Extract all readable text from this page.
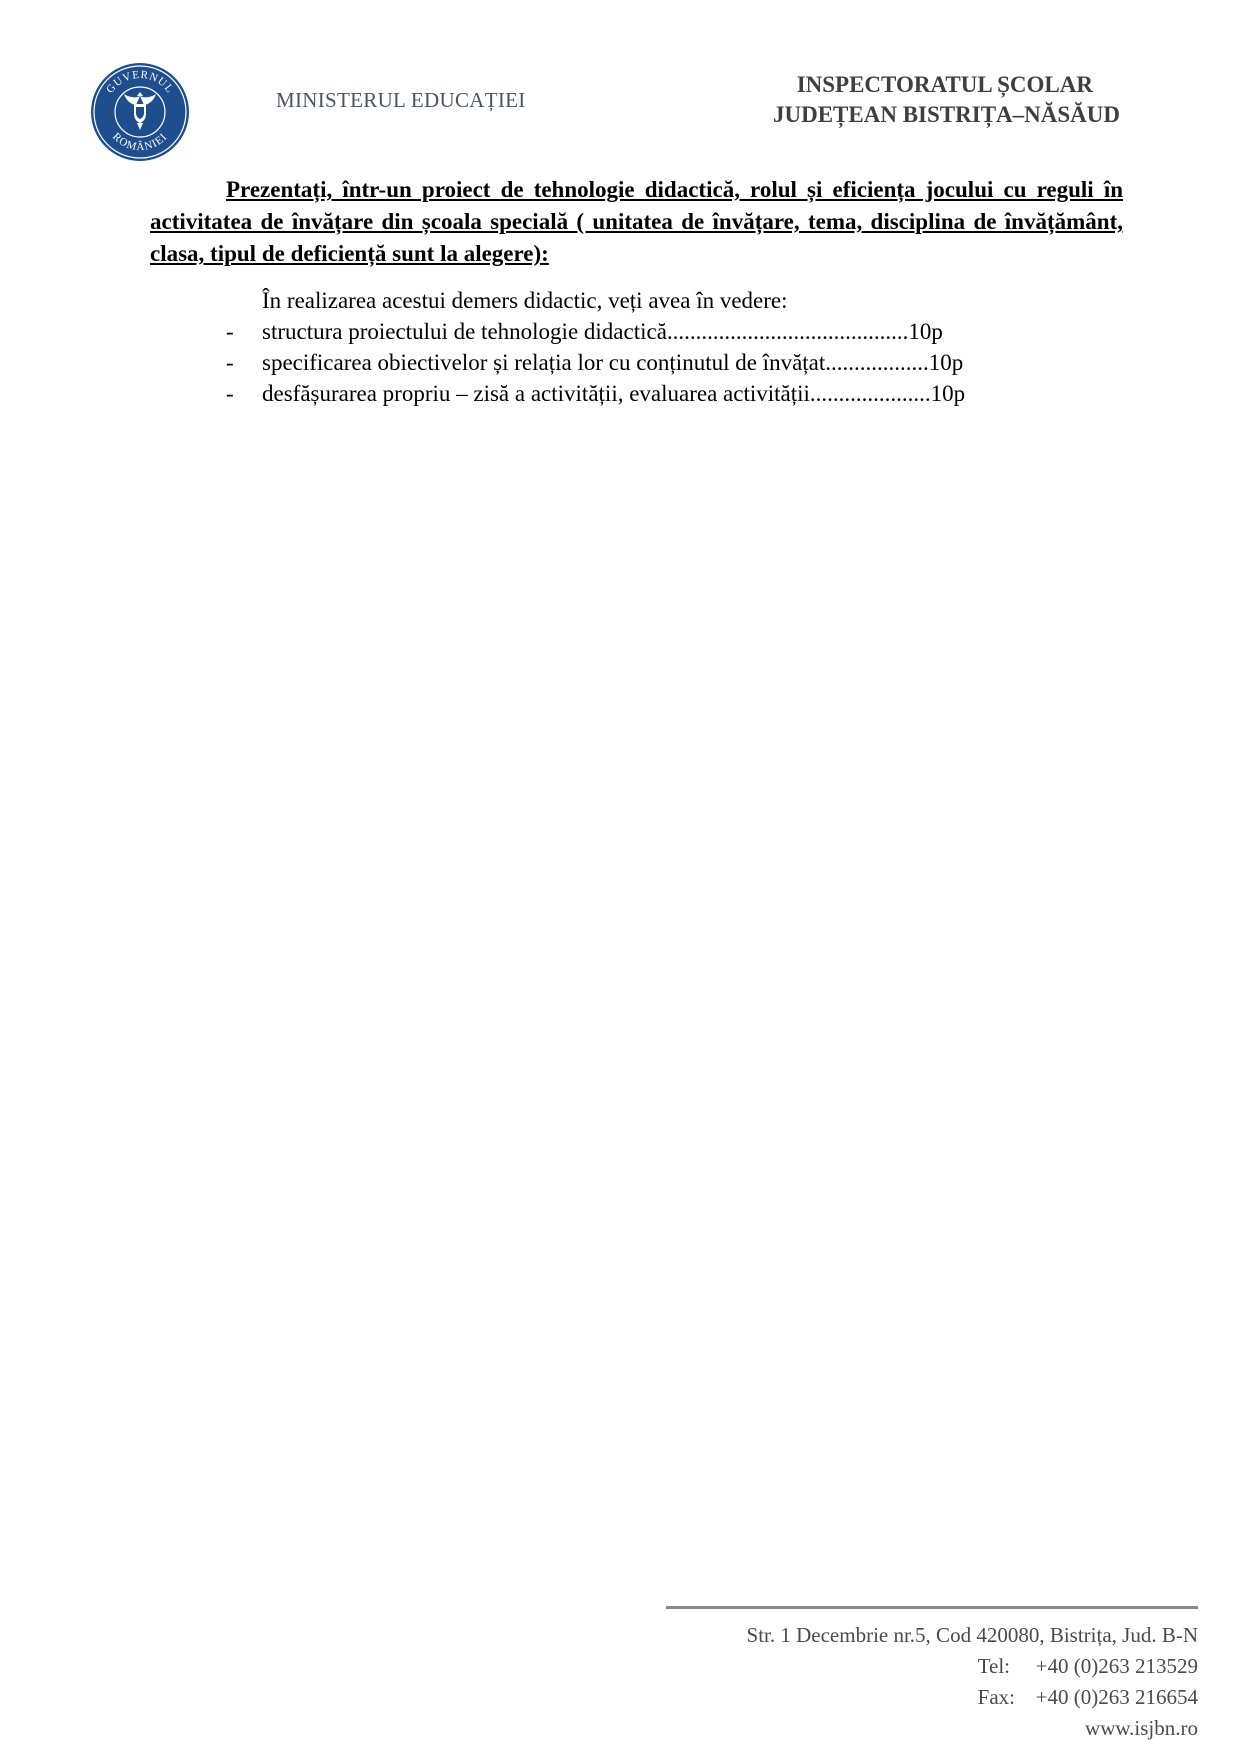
GUVERNUL
ROMÂNIEI
MINISTERUL EDUCAȚIEI
INSPECTORATUL ȘCOLAR
JUDEȚEAN BISTRIȚA–NĂSĂUD
Prezentați, într-un proiect de tehnologie didactică, rolul și eficiența jocului cu reguli în activitatea de învățare din școala specială ( unitatea de învățare, tema, disciplina de învățământ, clasa, tipul de deficiență sunt la alegere):
În realizarea acestui demers didactic, veți avea în vedere:
- structura proiectului de tehnologie didactică..........................................10p
- specificarea obiectivelor și relația lor cu conținutul de învățat..................10p
- desfășurarea propriu – zisă a activității, evaluarea activității.....................10p
Str. 1 Decembrie nr.5, Cod 420080, Bistrița, Jud. B-N
Tel: +40 (0)263 213529
Fax: +40 (0)263 216654
www.isjbn.ro
